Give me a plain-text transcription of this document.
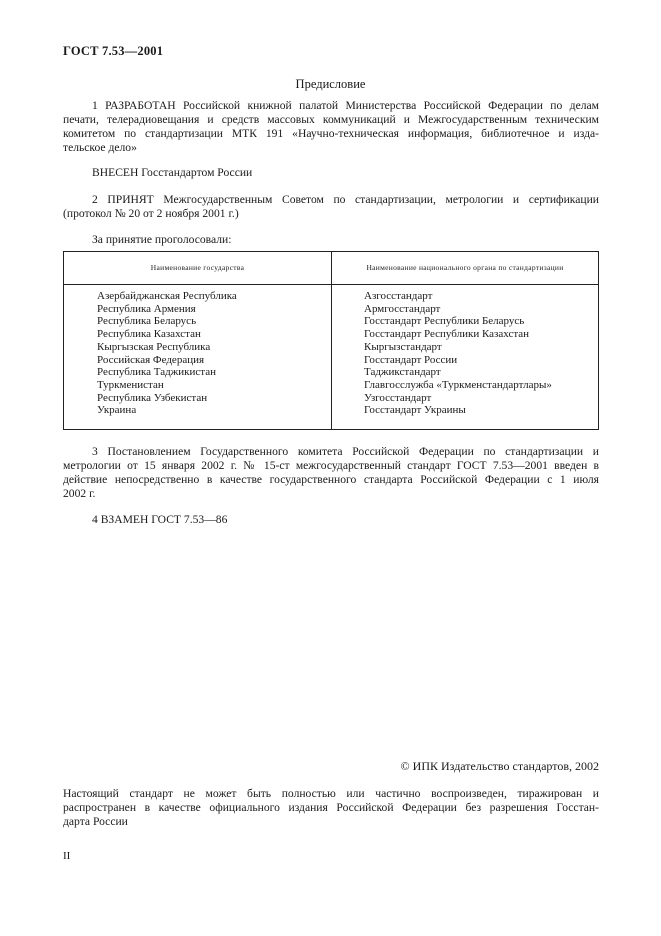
ГОСТ 7.53—2001
Предисловие
1 РАЗРАБОТАН Российской книжной палатой Министерства Российской Федерации по делам
печати, телерадиовещания и средств массовых коммуникаций и Межгосударственным техническим
комитетом по стандартизации МТК 191 «Научно-техническая информация, библиотечное и изда-
тельское дело»
ВНЕСЕН Госстандартом России
2 ПРИНЯТ Межгосударственным Советом по стандартизации, метрологии и сертификации
(протокол № 20 от 2 ноября 2001 г.)
За принятие проголосовали:
Наименование государства	Наименование национального органа по стандартизации
Азербайджанская Республика
Республика Армения
Республика Беларусь
Республика Казахстан
Кыргызская Республика
Российская Федерация
Республика Таджикистан
Туркменистан
Республика Узбекистан
Украина
Азгосстандарт
Армгосстандарт
Госстандарт Республики Беларусь
Госстандарт Республики Казахстан
Кыргызстандарт
Госстандарт России
Таджикстандарт
Главгосслужба «Туркменстандартлары»
Узгосстандарт
Госстандарт Украины
3 Постановлением Государственного комитета Российской Федерации по стандартизации и
метрологии от 15 января 2002 г. № 15-ст межгосударственный стандарт ГОСТ 7.53—2001 введен в
действие непосредственно в качестве государственного стандарта Российской Федерации с 1 июля
2002 г.
4 ВЗАМЕН ГОСТ 7.53—86
© ИПК Издательство стандартов, 2002
Настоящий стандарт не может быть полностью или частично воспроизведен, тиражирован и
распространен в качестве официального издания Российской Федерации без разрешения Госстан-
дарта России
II
